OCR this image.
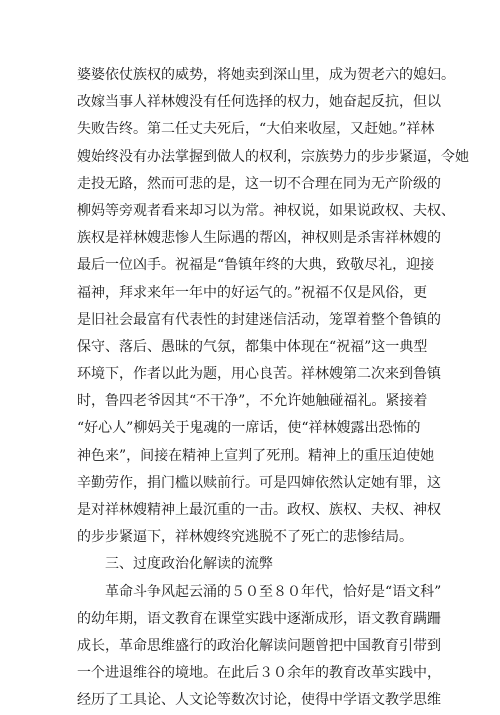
婆婆依仗族权的威势，将她卖到深山里，成为贺老六的媳妇。
改嫁当事人祥林嫂没有任何选择的权力，她奋起反抗，但以
失败告终。第二任丈夫死后，“大伯来收屋，又赶她。”祥林
嫂始终没有办法掌握到做人的权利，宗族势力的步步紧逼，令她
走投无路，然而可悲的是，这一切不合理在同为无产阶级的
柳妈等旁观者看来却习以为常。神权说，如果说政权、夫权、
族权是祥林嫂悲惨人生际遇的帮凶，神权则是杀害祥林嫂的
最后一位凶手。祝福是“鲁镇年终的大典，致敬尽礼，迎接
福神，拜求来年一年中的好运气的。”祝福不仅是风俗，更
是旧社会最富有代表性的封建迷信活动，笼罩着整个鲁镇的
保守、落后、愚昧的气氛，都集中体现在“祝福”这一典型
环境下，作者以此为题，用心良苦。祥林嫂第二次来到鲁镇
时，鲁四老爷因其“不干净”，不允许她触碰福礼。紧接着
“好心人”柳妈关于鬼魂的一席话，使“祥林嫂露出恐怖的
神色来”，间接在精神上宣判了死刑。精神上的重压迫使她
辛勤劳作，捐门槛以赎前行。可是四婶依然认定她有罪，这
是对祥林嫂精神上最沉重的一击。政权、族权、夫权、神权
的步步紧逼下，祥林嫂终究逃脱不了死亡的悲惨结局。

三、过度政治化解读的流弊

革命斗争风起云涌的５０至８０年代，恰好是“语文科”
的幼年期，语文教育在课堂实践中逐渐成形，语文教育蹒跚
成长，革命思维盛行的政治化解读问题曾把中国教育引带到
一个进退维谷的境地。在此后３０余年的教育改革实践中，
经历了工具论、人文论等数次讨论，使得中学语文教学思维
